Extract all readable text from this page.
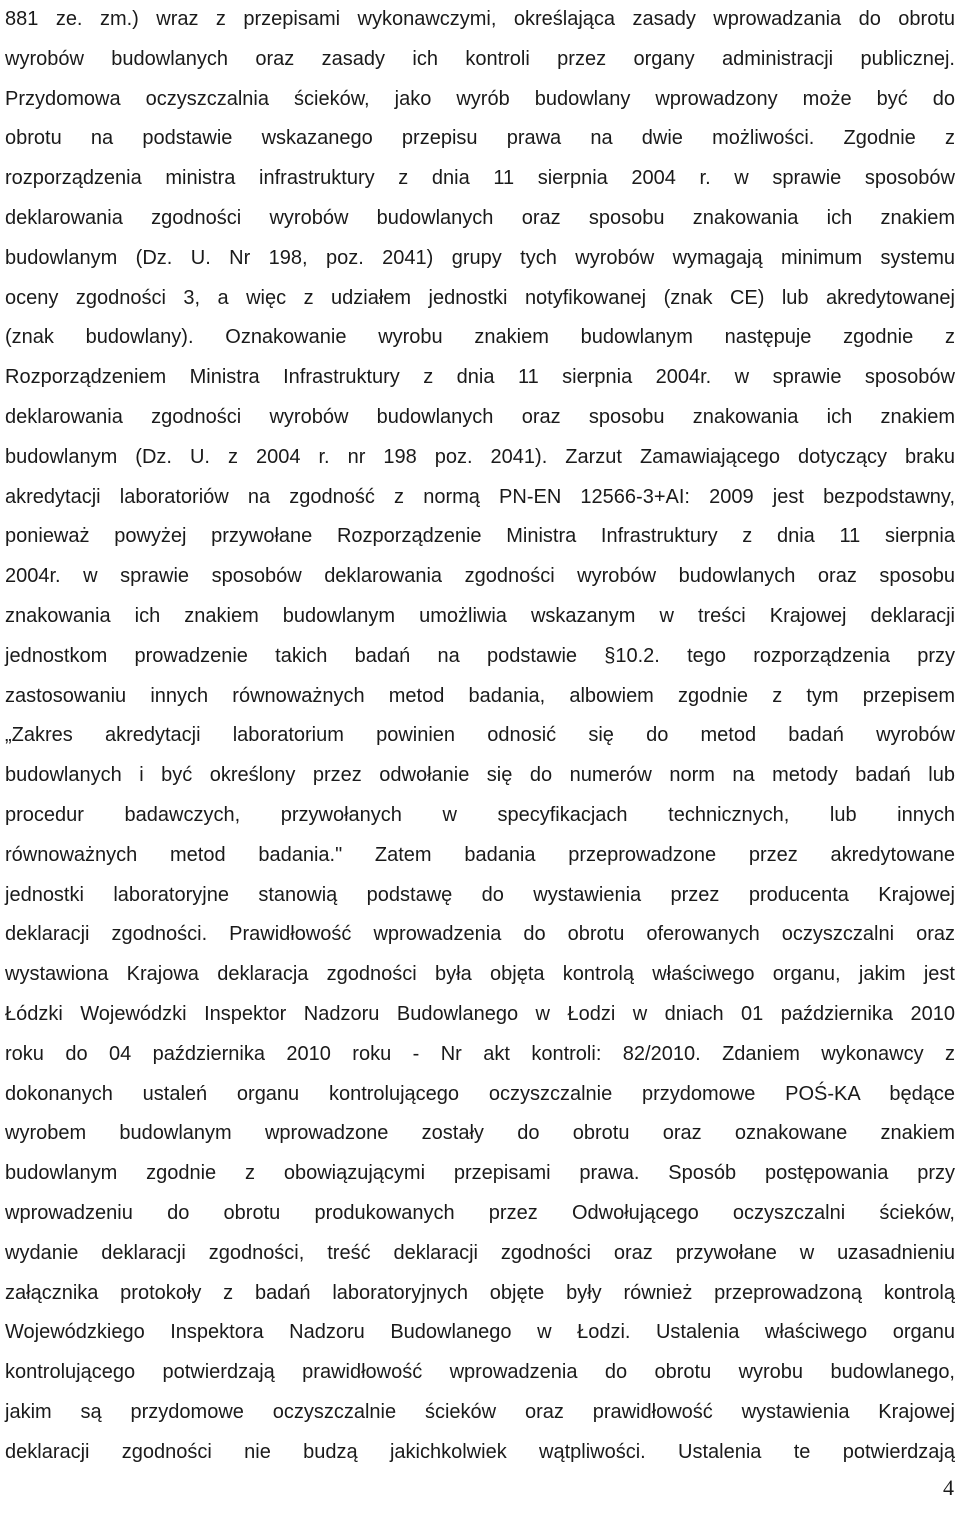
881 ze. zm.) wraz z przepisami wykonawczymi, określająca zasady wprowadzania do obrotu
wyrobów budowlanych oraz zasady ich kontroli przez organy administracji publicznej.
Przydomowa oczyszczalnia ścieków, jako wyrób budowlany wprowadzony może być do
obrotu na podstawie wskazanego przepisu prawa na dwie możliwości. Zgodnie z
rozporządzenia ministra infrastruktury z dnia 11 sierpnia 2004 r. w sprawie sposobów
deklarowania zgodności wyrobów budowlanych oraz sposobu znakowania ich znakiem
budowlanym (Dz. U. Nr 198, poz. 2041) grupy tych wyrobów wymagają minimum systemu
oceny zgodności 3, a więc z udziałem jednostki notyfikowanej (znak CE) lub akredytowanej
(znak budowlany). Oznakowanie wyrobu znakiem budowlanym następuje zgodnie z
Rozporządzeniem Ministra Infrastruktury z dnia 11 sierpnia 2004r. w sprawie sposobów
deklarowania zgodności wyrobów budowlanych oraz sposobu znakowania ich znakiem
budowlanym (Dz. U. z 2004 r. nr 198 poz. 2041). Zarzut Zamawiającego dotyczący braku
akredytacji laboratoriów na zgodność z normą PN-EN 12566-3+AI: 2009 jest bezpodstawny,
ponieważ powyżej przywołane Rozporządzenie Ministra Infrastruktury z dnia 11 sierpnia
2004r. w sprawie sposobów deklarowania zgodności wyrobów budowlanych oraz sposobu
znakowania ich znakiem budowlanym umożliwia wskazanym w treści Krajowej deklaracji
jednostkom prowadzenie takich badań na podstawie §10.2. tego rozporządzenia przy
zastosowaniu innych równoważnych metod badania, albowiem zgodnie z tym przepisem
„Zakres akredytacji laboratorium powinien odnosić się do metod badań wyrobów
budowlanych i być określony przez odwołanie się do numerów norm na metody badań lub
procedur badawczych, przywołanych w specyfikacjach technicznych, lub innych
równoważnych metod badania." Zatem badania przeprowadzone przez akredytowane
jednostki laboratoryjne stanowią podstawę do wystawienia przez producenta Krajowej
deklaracji zgodności. Prawidłowość wprowadzenia do obrotu oferowanych oczyszczalni oraz
wystawiona Krajowa deklaracja zgodności była objęta kontrolą właściwego organu, jakim jest
Łódzki Wojewódzki Inspektor Nadzoru Budowlanego w Łodzi w dniach 01 października 2010
roku do 04 października 2010 roku - Nr akt kontroli: 82/2010. Zdaniem wykonawcy z
dokonanych ustaleń organu kontrolującego oczyszczalnie przydomowe POŚ-KA będące
wyrobem budowlanym wprowadzone zostały do obrotu oraz oznakowane znakiem
budowlanym zgodnie z obowiązującymi przepisami prawa. Sposób postępowania przy
wprowadzeniu do obrotu produkowanych przez Odwołującego oczyszczalni ścieków,
wydanie deklaracji zgodności, treść deklaracji zgodności oraz przywołane w uzasadnieniu
załącznika protokoły z badań laboratoryjnych objęte były również przeprowadzoną kontrolą
Wojewódzkiego Inspektora Nadzoru Budowlanego w Łodzi. Ustalenia właściwego organu
kontrolującego potwierdzają prawidłowość wprowadzenia do obrotu wyrobu budowlanego,
jakim są przydomowe oczyszczalnie ścieków oraz prawidłowość wystawienia Krajowej
deklaracji zgodności nie budzą jakichkolwiek wątpliwości. Ustalenia te potwierdzają
4
